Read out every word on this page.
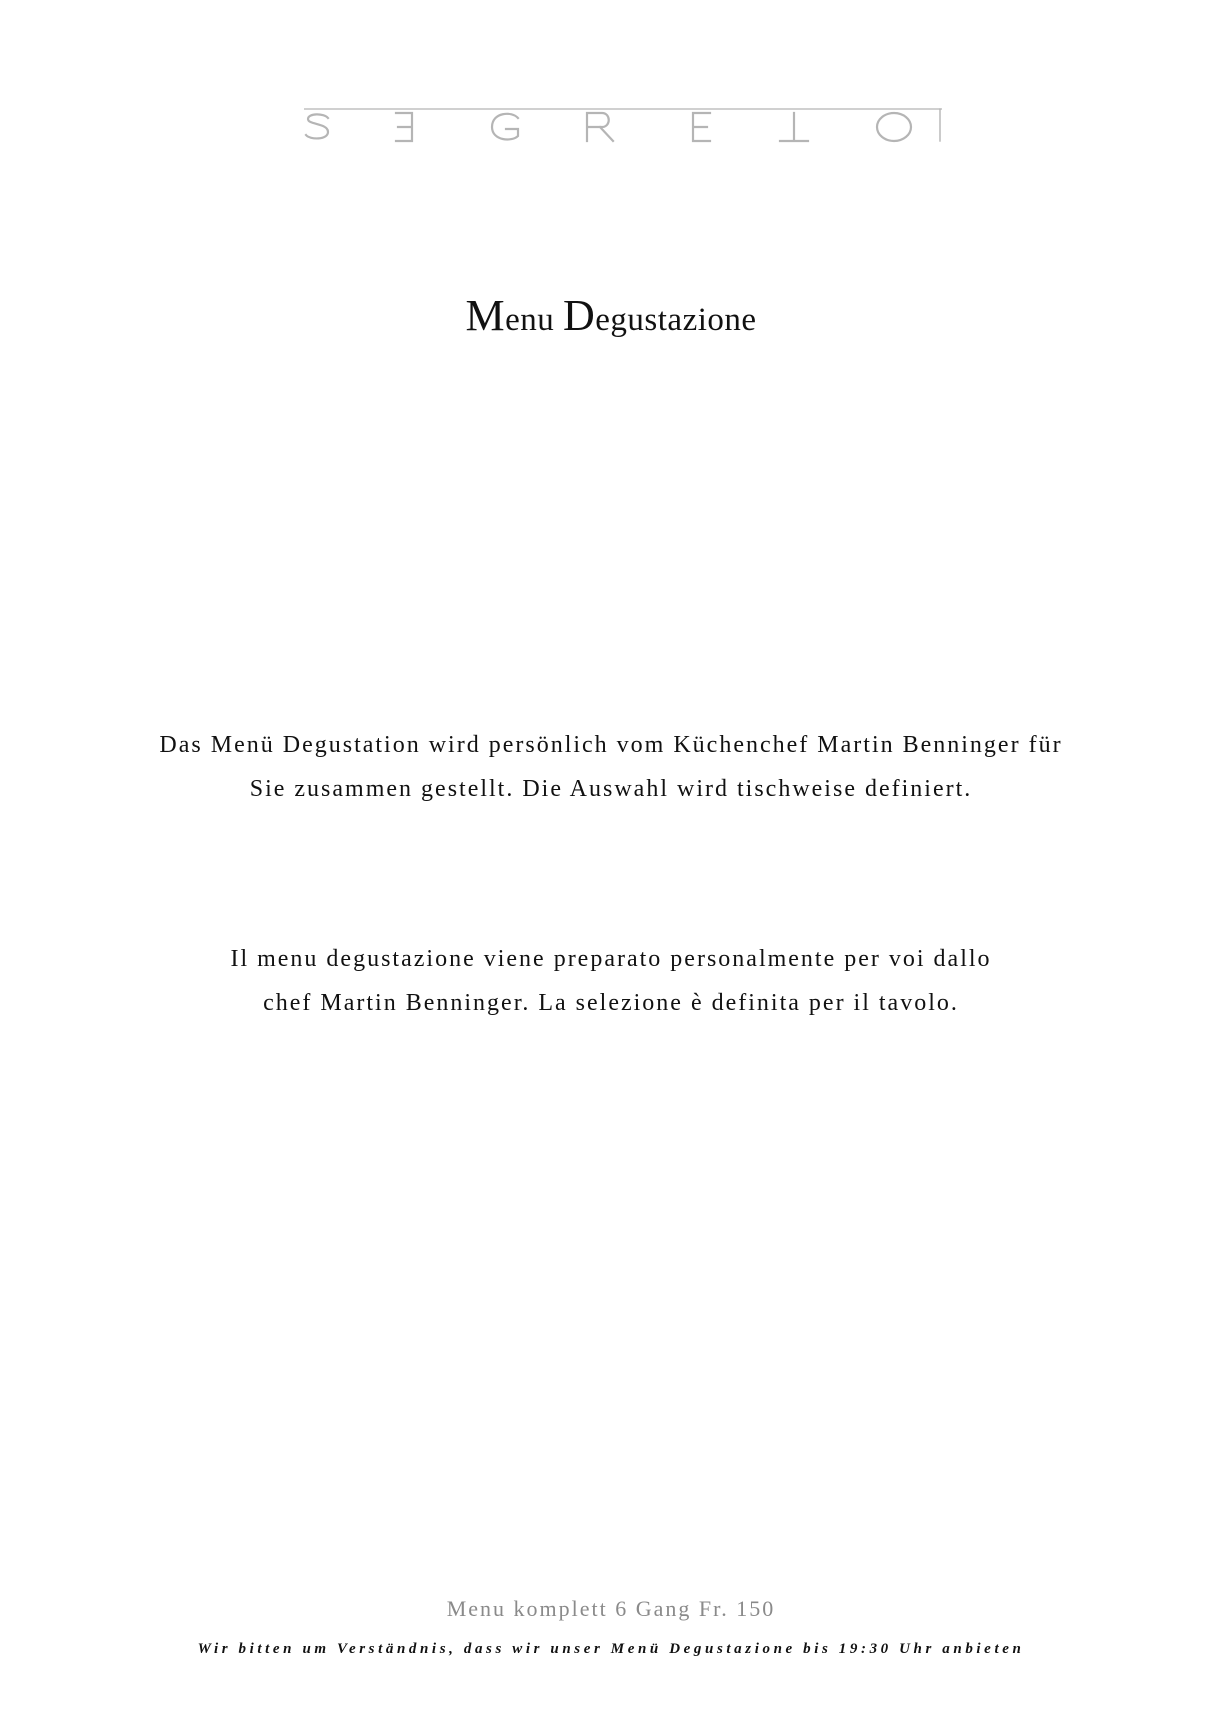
Menu Degustazione
Das Menü Degustation wird persönlich vom Küchenchef Martin Benninger für
Sie zusammen gestellt. Die Auswahl wird tischweise definiert.
Il menu degustazione viene preparato personalmente per voi dallo
chef Martin Benninger. La selezione è definita per il tavolo.
Menu komplett 6 Gang Fr. 150
Wir bitten um Verständnis, dass wir unser Menü Degustazione bis 19:30 Uhr anbieten
